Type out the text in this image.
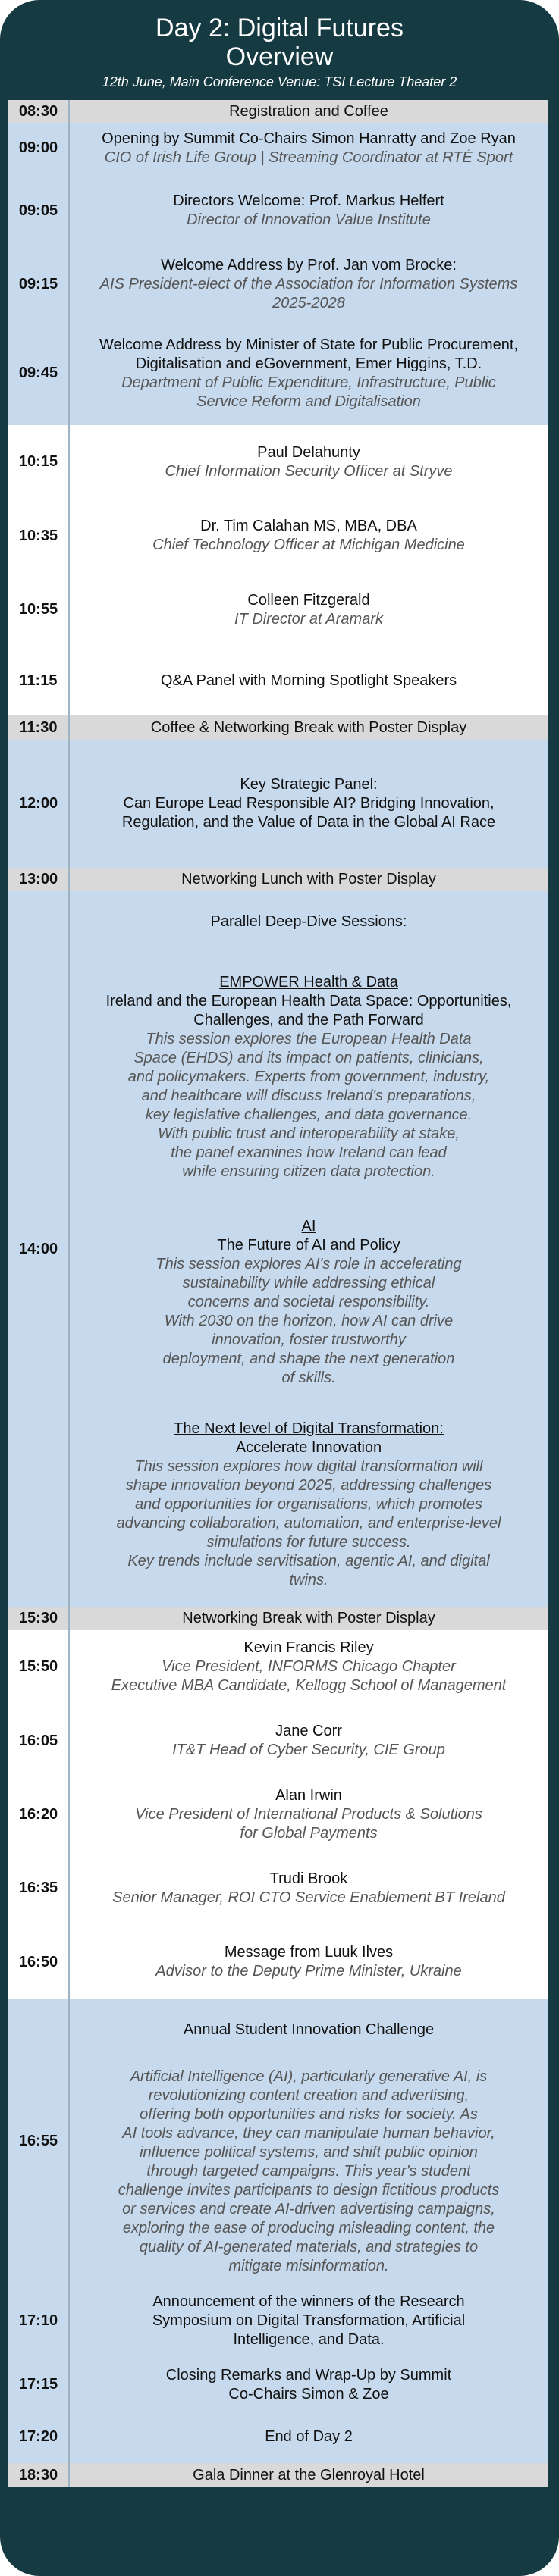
Day 2: Digital Futures
Overview
12th June, Main Conference Venue: TSI Lecture Theater 2
08:30	Registration and Coffee
09:00
Opening by Summit Co-Chairs Simon Hanratty and Zoe Ryan
CIO of Irish Life Group | Streaming Coordinator at RTÉ Sport
09:05
Directors Welcome: Prof. Markus Helfert
Director of Innovation Value Institute
09:15
Welcome Address by Prof. Jan vom Brocke:
AIS President-elect of the Association for Information Systems
2025-2028
09:45
Welcome Address by Minister of State for Public Procurement,
Digitalisation and eGovernment, Emer Higgins, T.D.
Department of Public Expenditure, Infrastructure, Public
Service Reform and Digitalisation
10:15
Paul Delahunty
Chief Information Security Officer at Stryve
10:35
Dr. Tim Calahan MS, MBA, DBA
Chief Technology Officer at Michigan Medicine
10:55
Colleen Fitzgerald
IT Director at Aramark
11:15	Q&A Panel with Morning Spotlight Speakers
11:30	Coffee & Networking Break with Poster Display
12:00
Key Strategic Panel:
Can Europe Lead Responsible AI? Bridging Innovation,
Regulation, and the Value of Data in the Global AI Race
13:00	Networking Lunch with Poster Display
14:00
Parallel Deep-Dive Sessions:
EMPOWER Health & Data
Ireland and the European Health Data Space: Opportunities,
Challenges, and the Path Forward
This session explores the European Health Data
Space (EHDS) and its impact on patients, clinicians,
and policymakers. Experts from government, industry,
and healthcare will discuss Ireland's preparations,
key legislative challenges, and data governance.
With public trust and interoperability at stake,
the panel examines how Ireland can lead
while ensuring citizen data protection.
AI
The Future of AI and Policy
This session explores AI's role in accelerating
sustainability while addressing ethical
concerns and societal responsibility.
With 2030 on the horizon, how AI can drive
innovation, foster trustworthy
deployment, and shape the next generation
of skills.
The Next level of Digital Transformation:
Accelerate Innovation
This session explores how digital transformation will
shape innovation beyond 2025, addressing challenges
and opportunities for organisations, which promotes
advancing collaboration, automation, and enterprise-level
simulations for future success.
Key trends include servitisation, agentic AI, and digital
twins.
15:30	Networking Break with Poster Display
15:50
Kevin Francis Riley
Vice President, INFORMS Chicago Chapter
Executive MBA Candidate, Kellogg School of Management
16:05
Jane Corr
IT&T Head of Cyber Security, CIE Group
16:20
Alan Irwin
Vice President of International Products & Solutions
for Global Payments
16:35
Trudi Brook
Senior Manager, ROI CTO Service Enablement BT Ireland
16:50
Message from Luuk Ilves
Advisor to the Deputy Prime Minister, Ukraine
16:55
Annual Student Innovation Challenge
Artificial Intelligence (AI), particularly generative AI, is
revolutionizing content creation and advertising,
offering both opportunities and risks for society. As
AI tools advance, they can manipulate human behavior,
influence political systems, and shift public opinion
through targeted campaigns. This year's student
challenge invites participants to design fictitious products
or services and create AI-driven advertising campaigns,
exploring the ease of producing misleading content, the
quality of AI-generated materials, and strategies to
mitigate misinformation.
17:10
Announcement of the winners of the Research
Symposium on Digital Transformation, Artificial
Intelligence, and Data.
17:15
Closing Remarks and Wrap-Up by Summit
Co-Chairs Simon & Zoe
17:20	End of Day 2
18:30	Gala Dinner at the Glenroyal Hotel
